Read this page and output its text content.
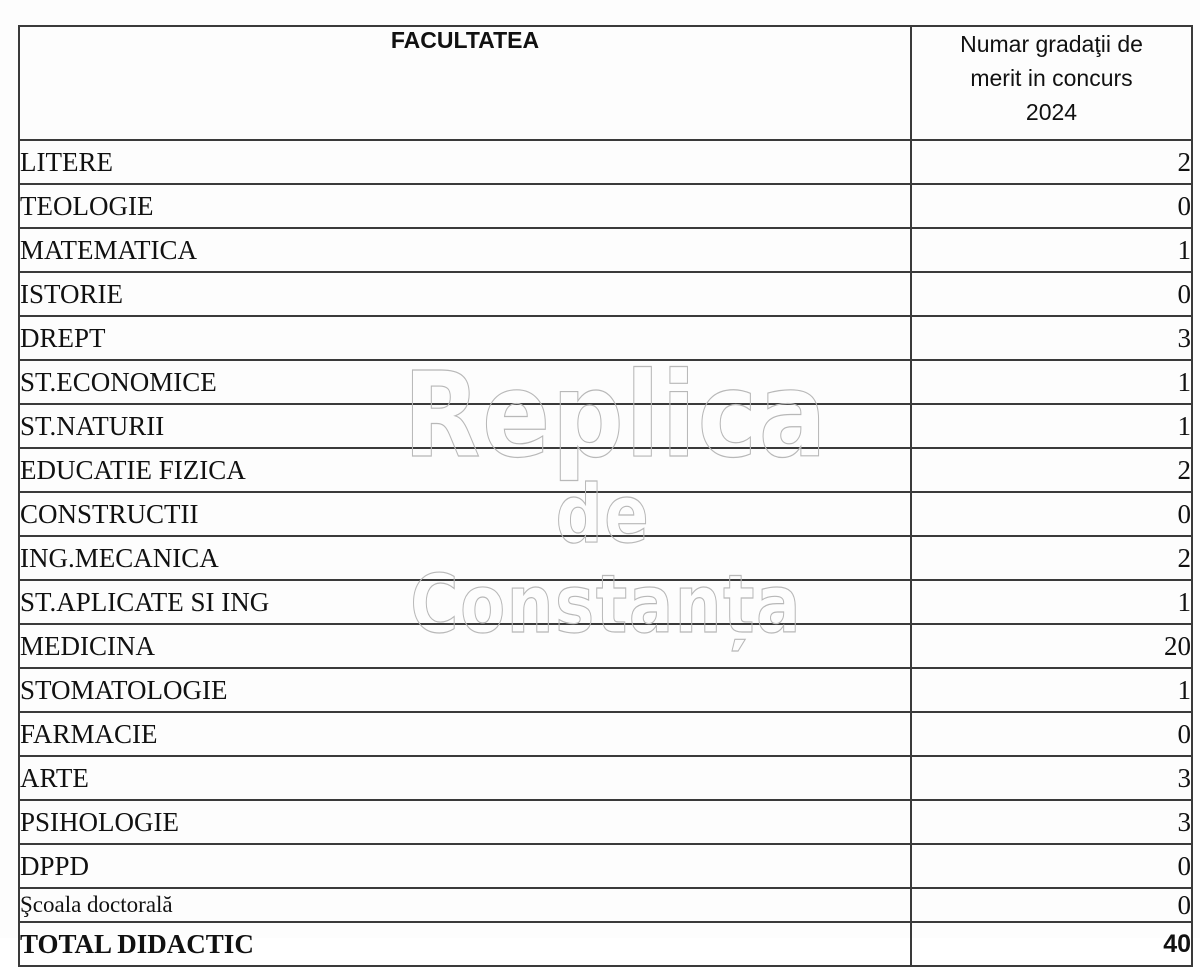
FACULTATEA	Numar gradaţii de
merit in concurs
2024

LITERE	2
TEOLOGIE	0
MATEMATICA	1
ISTORIE	0
DREPT	3
ST.ECONOMICE	1
ST.NATURII	1
EDUCATIE FIZICA	2
CONSTRUCTII	0
ING.MECANICA	2
ST.APLICATE SI ING	1
MEDICINA	20
STOMATOLOGIE	1
FARMACIE	0
ARTE	3
PSIHOLOGIE	3
DPPD	0
Şcoala doctorală	0
TOTAL DIDACTIC	40
Replica
de Constanța
